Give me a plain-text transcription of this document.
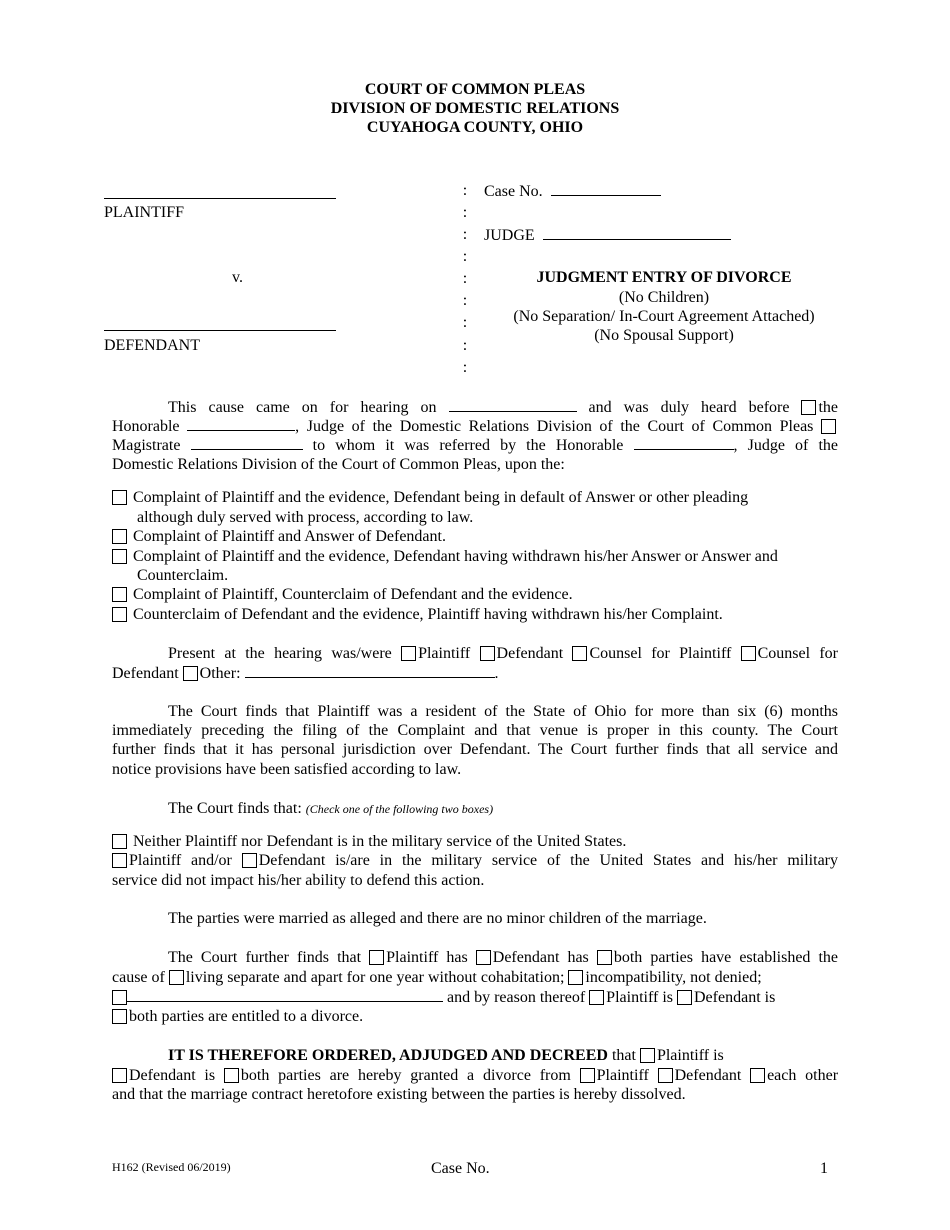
COURT OF COMMON PLEAS
DIVISION OF DOMESTIC RELATIONS
CUYAHOGA COUNTY, OHIO
PLAINTIFF
v.
DEFENDANT
:
:
:
:
:
:
:
:
:
Case No.
JUDGE
JUDGMENT ENTRY OF DIVORCE
(No Children)
(No Separation/ In-Court Agreement Attached)
(No Spousal Support)
This cause came on for hearing on	and was duly heard before the
Honorable	, Judge of the Domestic Relations Division of the Court of Common Pleas
Magistrate	to whom it was referred by the Honorable	, Judge of the
Domestic Relations Division of the Court of Common Pleas, upon the:
Complaint of Plaintiff and the evidence, Defendant being in default of Answer or other pleading
although duly served with process, according to law.
Complaint of Plaintiff and Answer of Defendant.
Complaint of Plaintiff and the evidence, Defendant having withdrawn his/her Answer or Answer and
Counterclaim.
Complaint of Plaintiff, Counterclaim of Defendant and the evidence.
Counterclaim of Defendant and the evidence, Plaintiff having withdrawn his/her Complaint.
Present at the hearing was/were Plaintiff Defendant Counsel for Plaintiff Counsel for
Defendant Other:	.
The Court finds that Plaintiff was a resident of the State of Ohio for more than six (6) months
immediately preceding the filing of the Complaint and that venue is proper in this county. The Court
further finds that it has personal jurisdiction over Defendant. The Court further finds that all service and
notice provisions have been satisfied according to law.
The Court finds that: (Check one of the following two boxes)
Neither Plaintiff nor Defendant is in the military service of the United States.
Plaintiff and/or Defendant is/are in the military service of the United States and his/her military
service did not impact his/her ability to defend this action.
The parties were married as alleged and there are no minor children of the marriage.
The Court further finds that Plaintiff has Defendant has both parties have established the
cause of living separate and apart for one year without cohabitation; incompatibility, not denied;
and by reason thereof Plaintiff is Defendant is
both parties are entitled to a divorce.
IT IS THEREFORE ORDERED, ADJUDGED AND DECREED that Plaintiff is
Defendant is both parties are hereby granted a divorce from Plaintiff Defendant each other
and that the marriage contract heretofore existing between the parties is hereby dissolved.
H162 (Revised 06/2019)	Case No.	1
